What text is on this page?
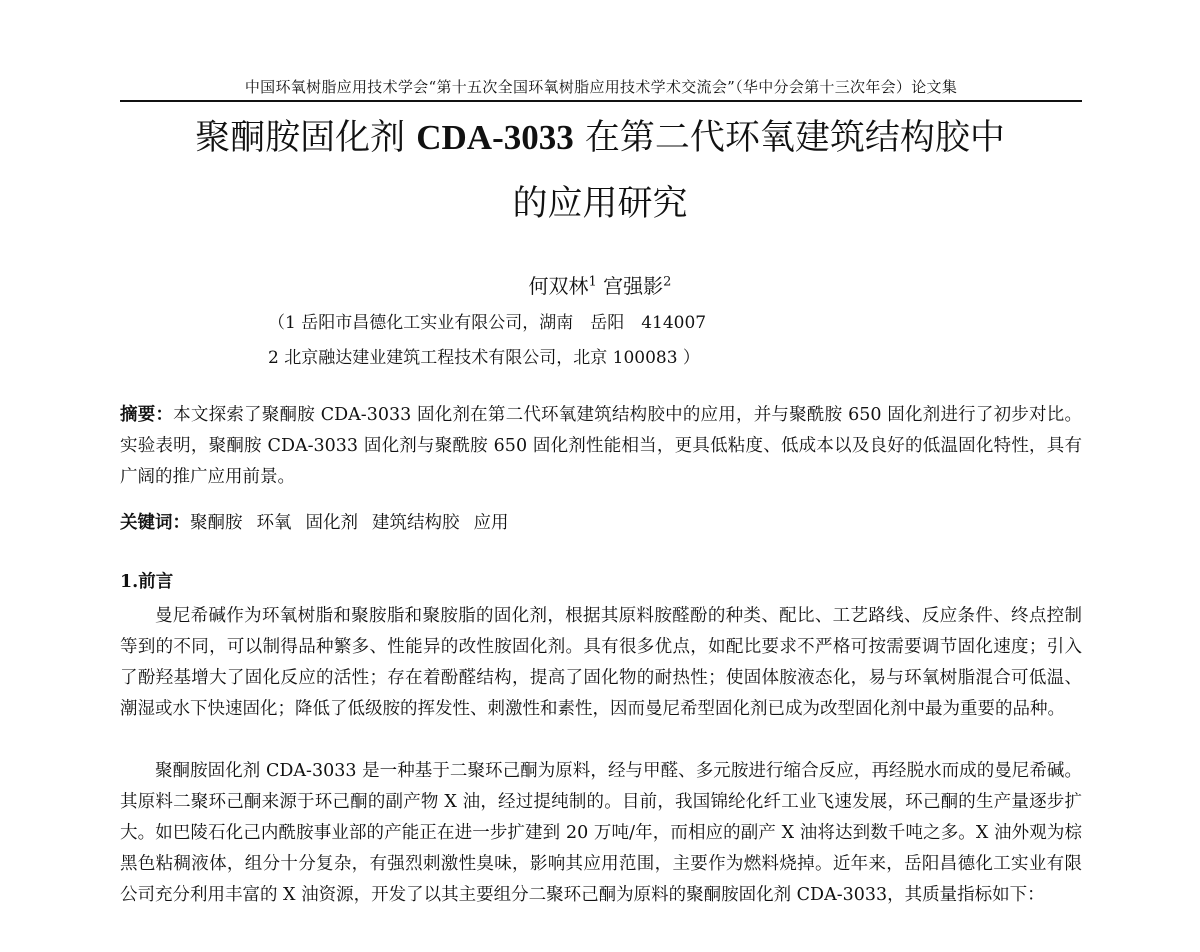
中国环氧树脂应用技术学会“第十五次全国环氧树脂应用技术学术交流会”（华中分会第十三次年会）论文集
聚酮胺固化剂 CDA-3033 在第二代环氧建筑结构胶中
的应用研究
何双林$^1$ 宫强影$^2$
（1 岳阳市昌德化工实业有限公司，湖南　岳阳　414007
2 北京融达建业建筑工程技术有限公司，北京 100083 ）

摘要：本文探索了聚酮胺 CDA-3033 固化剂在第二代环氧建筑结构胶中的应用，并与聚酰胺 650 固化剂进行了初步对比。实验表明，聚酮胺 CDA-3033 固化剂与聚酰胺 650 固化剂性能相当，更具低粘度、低成本以及良好的低温固化特性，具有广阔的推广应用前景。

关键词：聚酮胺 环氧 固化剂 建筑结构胶 应用

1.前言

曼尼希碱作为环氧树脂和聚胺脂和聚胺脂的固化剂，根据其原料胺醛酚的种类、配比、工艺路线、反应条件、终点控制等到的不同，可以制得品种繁多、性能异的改性胺固化剂。具有很多优点，如配比要求不严格可按需要调节固化速度；引入了酚羟基增大了固化反应的活性；存在着酚醛结构，提高了固化物的耐热性；使固体胺液态化，易与环氧树脂混合可低温、潮湿或水下快速固化；降低了低级胺的挥发性、刺激性和素性，因而曼尼希型固化剂已成为改型固化剂中最为重要的品种。

聚酮胺固化剂 CDA-3033 是一种基于二聚环己酮为原料，经与甲醛、多元胺进行缩合反应，再经脱水而成的曼尼希碱。其原料二聚环己酮来源于环己酮的副产物 X 油，经过提纯制的。目前，我国锦纶化纤工业飞速发展，环己酮的生产量逐步扩大。如巴陵石化己内酰胺事业部的产能正在进一步扩建到 20 万吨/年，而相应的副产 X 油将达到数千吨之多。X 油外观为棕黑色粘稠液体，组分十分复杂，有强烈刺激性臭味，影响其应用范围，主要作为燃料烧掉。近年来，岳阳昌德化工实业有限公司充分利用丰富的 X 油资源，开发了以其主要组分二聚环己酮为原料的聚酮胺固化剂 CDA-3033，其质量指标如下：
